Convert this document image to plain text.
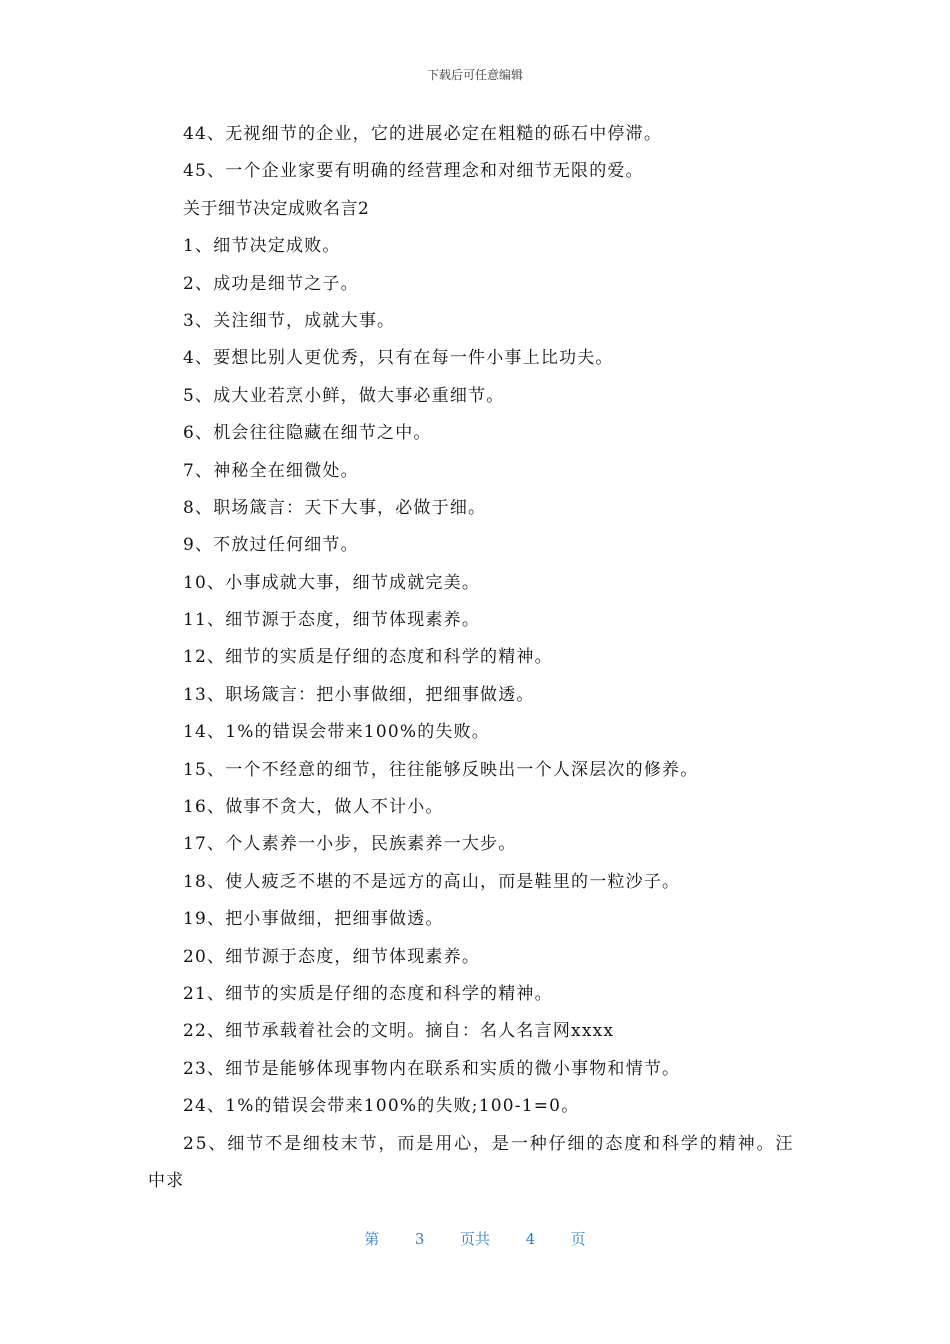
下载后可任意编辑
44、无视细节的企业，它的进展必定在粗糙的砾石中停滞。
45、一个企业家要有明确的经营理念和对细节无限的爱。
关于细节决定成败名言2
1、细节决定成败。
2、成功是细节之子。
3、关注细节，成就大事。
4、要想比别人更优秀，只有在每一件小事上比功夫。
5、成大业若烹小鲜，做大事必重细节。
6、机会往往隐藏在细节之中。
7、神秘全在细微处。
8、职场箴言：天下大事，必做于细。
9、不放过任何细节。
10、小事成就大事，细节成就完美。
11、细节源于态度，细节体现素养。
12、细节的实质是仔细的态度和科学的精神。
13、职场箴言：把小事做细，把细事做透。
14、1%的错误会带来100%的失败。
15、一个不经意的细节，往往能够反映出一个人深层次的修养。
16、做事不贪大，做人不计小。
17、个人素养一小步，民族素养一大步。
18、使人疲乏不堪的不是远方的高山，而是鞋里的一粒沙子。
19、把小事做细，把细事做透。
20、细节源于态度，细节体现素养。
21、细节的实质是仔细的态度和科学的精神。
22、细节承载着社会的文明。摘自：名人名言网xxxx
23、细节是能够体现事物内在联系和实质的微小事物和情节。
24、1%的错误会带来100%的失败;100-1=0。
25、细节不是细枝末节，而是用心，是一种仔细的态度和科学的精神。汪
中求
第 3 页共 4 页
